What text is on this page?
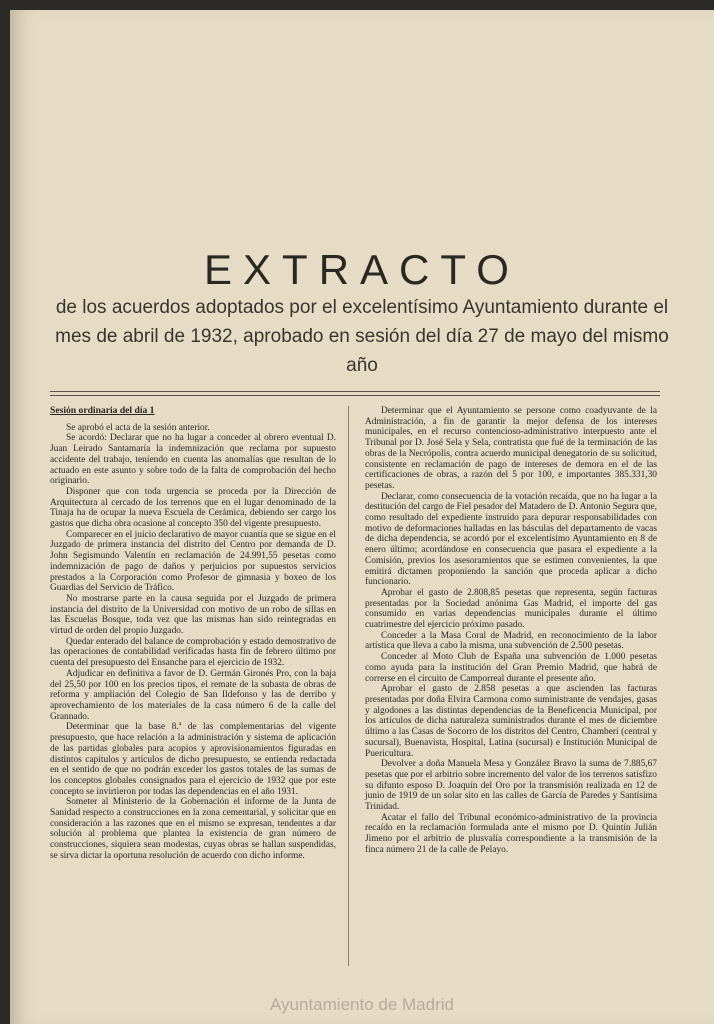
EXTRACTO
de los acuerdos adoptados por el excelentísimo Ayuntamiento durante el mes de abril de 1932, aprobado en sesión del día 27 de mayo del mismo año
Sesión ordinaria del día 1

Se aprobó el acta de la sesión anterior.

Se acordó: Declarar que no ha lugar a conceder al obrero eventual D. Juan Leirado Santamaría la indemnización que reclama por supuesto accidente del trabajo, teniendo en cuenta las anomalías que resultan de lo actuado en este asunto y sobre todo de la falta de comprobación del hecho originario.

Disponer que con toda urgencia se proceda por la Dirección de Arquitectura al cercado de los terrenos que en el lugar denominado de la Tinaja ha de ocupar la nueva Escuela de Cerámica, debiendo ser cargo los gastos que dicha obra ocasione al concepto 350 del vigente presupuesto.

Comparecer en el juicio declarativo de mayor cuantía que se sigue en el Juzgado de primera instancia del distrito del Centro por demanda de D. John Segismundo Valentín en reclamación de 24.991,55 pesetas como indemnización de pago de daños y perjuicios por supuestos servicios prestados a la Corporación como Profesor de gimnasia y boxeo de los Guardias del Servicio de Tráfico.

No mostrarse parte en la causa seguida por el Juzgado de primera instancia del distrito de la Universidad con motivo de un robo de sillas en las Escuelas Bosque, toda vez que las mismas han sido reintegradas en virtud de orden del propio Juzgado.

Quedar enterado del balance de comprobación y estado demostrativo de las operaciones de contabilidad verificadas hasta fin de febrero último por cuenta del presupuesto del Ensanche para el ejercicio de 1932.

Adjudicar en definitiva a favor de D. Germán Gironés Pro, con la baja del 25,50 por 100 en los precios tipos, el remate de la subasta de obras de reforma y ampliación del Colegio de San Ildefonso y las de derribo y aprovechamiento de los materiales de la casa número 6 de la calle del Grannado.

Determinar que la base 8.ª de las complementarias del vigente presupuesto, que hace relación a la administración y sistema de aplicación de las partidas globales para acopios y aprovisionamientos figuradas en distintos capítulos y artículos de dicho presupuesto, se entienda redactada en el sentido de que no podrán exceder los gastos totales de las sumas de los conceptos globales consignados para el ejercicio de 1932 que por este concepto se invirtieron por todas las dependencias en el año 1931.

Someter al Ministerio de la Gobernación el informe de la Junta de Sanidad respecto a construcciones en la zona cementarial, y solicitar que en consideración a las razones que en el mismo se expresan, tendentes a dar solución al problema que plantea la existencia de gran número de construcciones, siquiera sean modestas, cuyas obras se hallan suspendidas, se sirva dictar la oportuna resolución de acuerdo con dicho informe.

Determinar que el Ayuntamiento se persone como coadyuvante de la Administración, a fin de garantir la mejor defensa de los intereses municipales, en el recurso contencioso-administrativo interpuesto ante el Tribunal por D. José Sela y Sela, contratista que fué de la terminación de las obras de la Necrópolis, contra acuerdo municipal denegatorio de su solicitud, consistente en reclamación de pago de intereses de demora en el de las certificaciones de obras, a razón del 5 por 100, e importantes 385.331,30 pesetas.

Declarar, como consecuencia de la votación recaída, que no ha lugar a la destitución del cargo de Fiel pesador del Matadero de D. Antonio Segura que, como resultado del expediente instruído para depurar responsabilidades con motivo de deformaciones halladas en las básculas del departamento de vacas de dicha dependencia, se acordó por el excelentísimo Ayuntamiento en 8 de enero último; acordándose en consecuencia que pasara el expediente a la Comisión, previos los asesoramientos que se estimen convenientes, la que emitirá dictamen proponiendo la sanción que proceda aplicar a dicho funcionario.

Aprobar el gasto de 2.808,85 pesetas que representa, según facturas presentadas por la Sociedad anónima Gas Madrid, el importe del gas consumido en varias dependencias municipales durante el último cuatrimestre del ejercicio próximo pasado.

Conceder a la Masa Coral de Madrid, en reconocimiento de la labor artística que lleva a cabo la misma, una subvención de 2.500 pesetas.

Conceder al Moto Club de España una subvención de 1.000 pesetas como ayuda para la institución del Gran Premio Madrid, que habrá de correrse en el circuito de Camporreal durante el presente año.

Aprobar el gasto de 2.858 pesetas a que ascienden las facturas presentadas por doña Elvira Carmona como suministrante de vendajes, gasas y algodones a las distintas dependencias de la Beneficencia Municipal, por los artículos de dicha naturaleza suministrados durante el mes de diciembre último a las Casas de Socorro de los distritos del Centro, Chamberí (central y sucursal), Buenavista, Hospital, Latina (sucursal) e Institución Municipal de Puericultura.

Devolver a doña Manuela Mesa y González Bravo la suma de 7.885,67 pesetas que por el arbitrio sobre incremento del valor de los terrenos satisfizo su difunto esposo D. Joaquín del Oro por la transmisión realizada en 12 de junio de 1919 de un solar sito en las calles de García de Paredes y Santísima Trinidad.

Acatar el fallo del Tribunal económico-administrativo de la provincia recaído en la reclamación formulada ante el mismo por D. Quintín Julián Jimeno por el arbitrio de plusvalía correspondiente a la transmisión de la finca número 21 de la calle de Pelayo.

Ayuntamiento de Madrid
